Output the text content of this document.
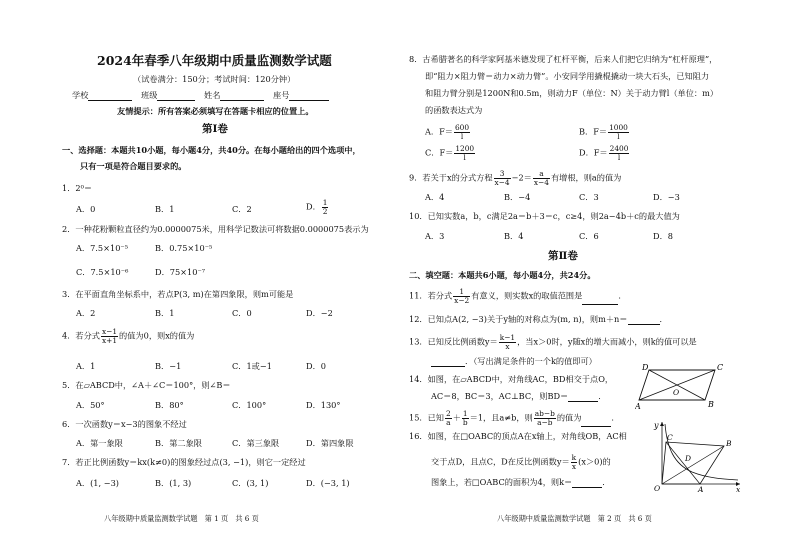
2024年春季八年级期中质量监测数学试题
（试卷满分：150分；考试时间：120分钟）
学校	班级	姓名	座号
友情提示：所有答案必须填写在答题卡相应的位置上。
第Ⅰ卷
一、选择题：本题共10小题，每小题4分，共40分。在每小题给出的四个选项中，
只有一项是符合题目要求的。
1．2⁰＝
A．0	B．1	C．2	D． $\frac{1}{2}$
2．一种花粉颗粒直径约为0.0000075米，用科学记数法可将数据0.0000075表示为
A．7.5×10⁻⁵	B．0.75×10⁻⁵
C．7.5×10⁻⁶	D．75×10⁻⁷
3．在平面直角坐标系中，若点P(3, m)在第四象限，则m可能是
A．2	B．1	C．0	D．−2
4．若分式 $\frac{x-1}{x+1}$ 的值为0，则x的值为
A．1	B．−1	C．1或−1	D．0
5．在▱ABCD中，∠A＋∠C＝100°，则∠B＝
A．50°	B．80°	C．100°	D．130°
6．一次函数y＝x−3的图象不经过
A．第一象限	B．第二象限	C．第三象限	D．第四象限
7．若正比例函数y＝kx(k≠0)的图象经过点(3, −1)，则它一定经过
A．(1, −3)	B．(1, 3)	C．(3, 1)	D．(−3, 1)
八年级期中质量监测数学试题　第 1 页　共 6 页
8．古希腊著名的科学家阿基米德发现了杠杆平衡，后来人们把它归纳为“杠杆原理”，
即“阻力×阻力臂＝动力×动力臂”。小安同学用撬棍撬动一块大石头，已知阻力
和阻力臂分别是1200N和0.5m，则动力F（单位：N）关于动力臂l（单位：m）
的函数表达式为
A．$F= \frac{600}{l}$	B．$F= \frac{1000}{l}$
C．$F= \frac{1200}{l}$	D．$F= \frac{2400}{l}$
9．若关于x的分式方程 $\frac{3}{x-4} -2= \frac{a}{x-4}$ 有增根，则a的值为
A．4	B．−4	C．3	D．−3
10．已知实数a，b，c满足2a＝b＋3＝c，c≥4，则2a−4b＋c的最大值为
A．3	B．4	C．6	D．8
第Ⅱ卷
二、填空题：本题共6小题，每小题4分，共24分。
11．若分式 $\frac{1}{x-2}$ 有意义，则实数x的取值范围是	．
12．已知点A(2, −3)关于y轴的对称点为(m, n)，则m＋n＝	．
13．已知反比例函数$y= \frac{k-1}{x}$ ，当x＞0时，y随x的增大而减小，则k的值可以是
．（写出满足条件的一个k的值即可）
14．如图，在▱ABCD中，对角线AC，BD相交于点O，
AC＝8，BC＝3，AC⊥BC，则BD＝	．
15．已知 $\frac{2}{a} + \frac{1}{b} =1$，且a≠b，则 $\frac{ab-b}{a-b}$ 的值为	．
16．如图，在□OABC的顶点A在x轴上，对角线OB，AC相
交于点D，且点C，D在反比例函数$y= \frac{k}{x} (x>0)$的
图象上，若□OABC的面积为4，则k＝	．
D	C
A	B
O
y
C
D
B
O	A	x
八年级期中质量监测数学试题　第 2 页　共 6 页
